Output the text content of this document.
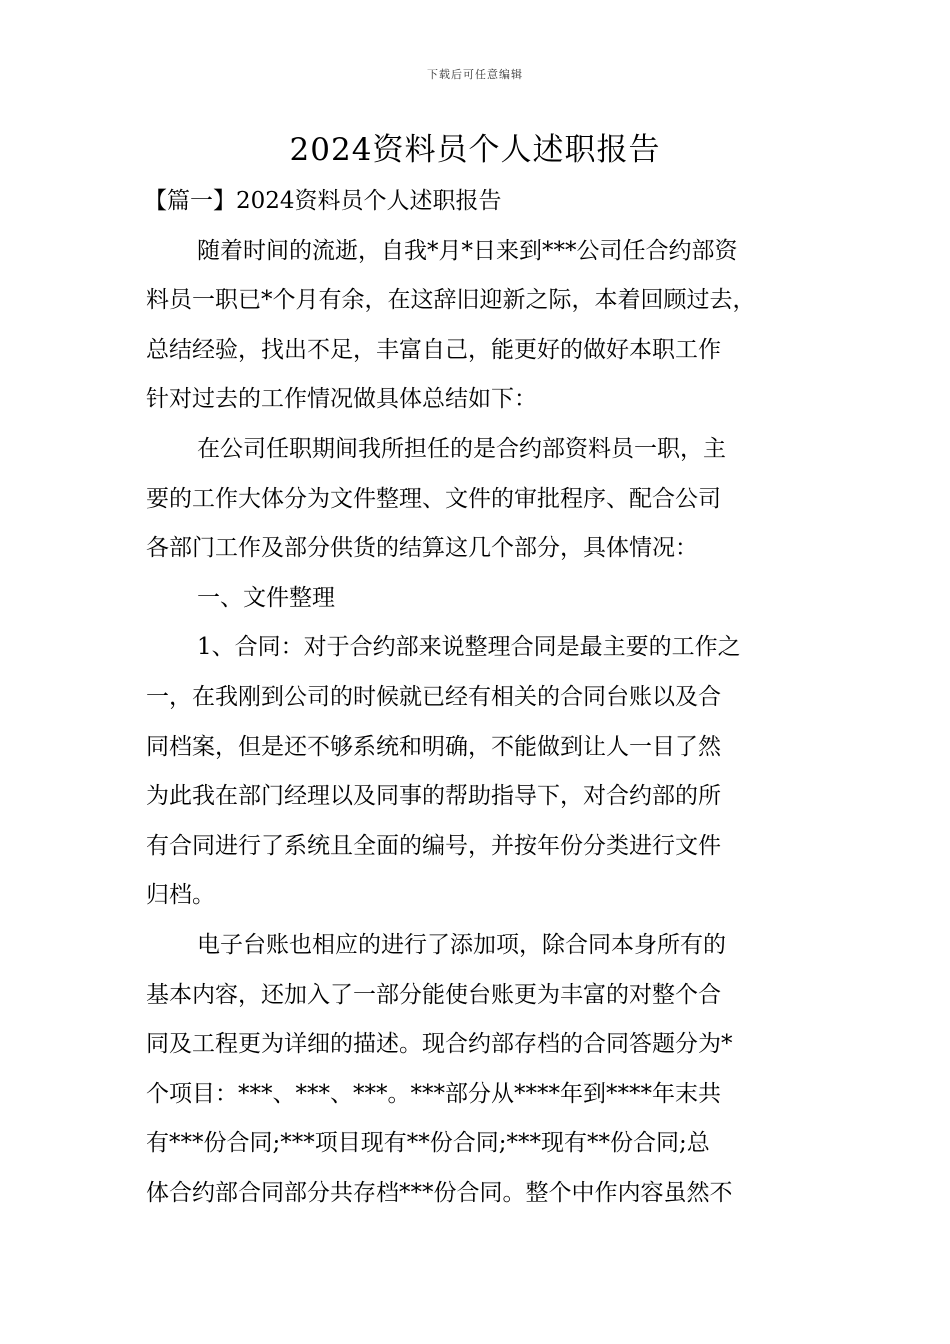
下载后可任意编辑
2024资料员个人述职报告
【篇一】2024资料员个人述职报告
随着时间的流逝，自我*月*日来到***公司任合约部资
料员一职已*个月有余，在这辞旧迎新之际，本着回顾过去，
总结经验，找出不足，丰富自己，能更好的做好本职工作
针对过去的工作情况做具体总结如下：
在公司任职期间我所担任的是合约部资料员一职，主
要的工作大体分为文件整理、文件的审批程序、配合公司
各部门工作及部分供货的结算这几个部分，具体情况：
一、文件整理
1、合同：对于合约部来说整理合同是最主要的工作之
一，在我刚到公司的时候就已经有相关的合同台账以及合
同档案，但是还不够系统和明确，不能做到让人一目了然
为此我在部门经理以及同事的帮助指导下，对合约部的所
有合同进行了系统且全面的编号，并按年份分类进行文件
归档。
电子台账也相应的进行了添加项，除合同本身所有的
基本内容，还加入了一部分能使台账更为丰富的对整个合
同及工程更为详细的描述。现合约部存档的合同答题分为*
个项目：***、***、***。***部分从****年到****年末共
有***份合同;***项目现有**份合同;***现有**份合同;总
体合约部合同部分共存档***份合同。整个中作内容虽然不
